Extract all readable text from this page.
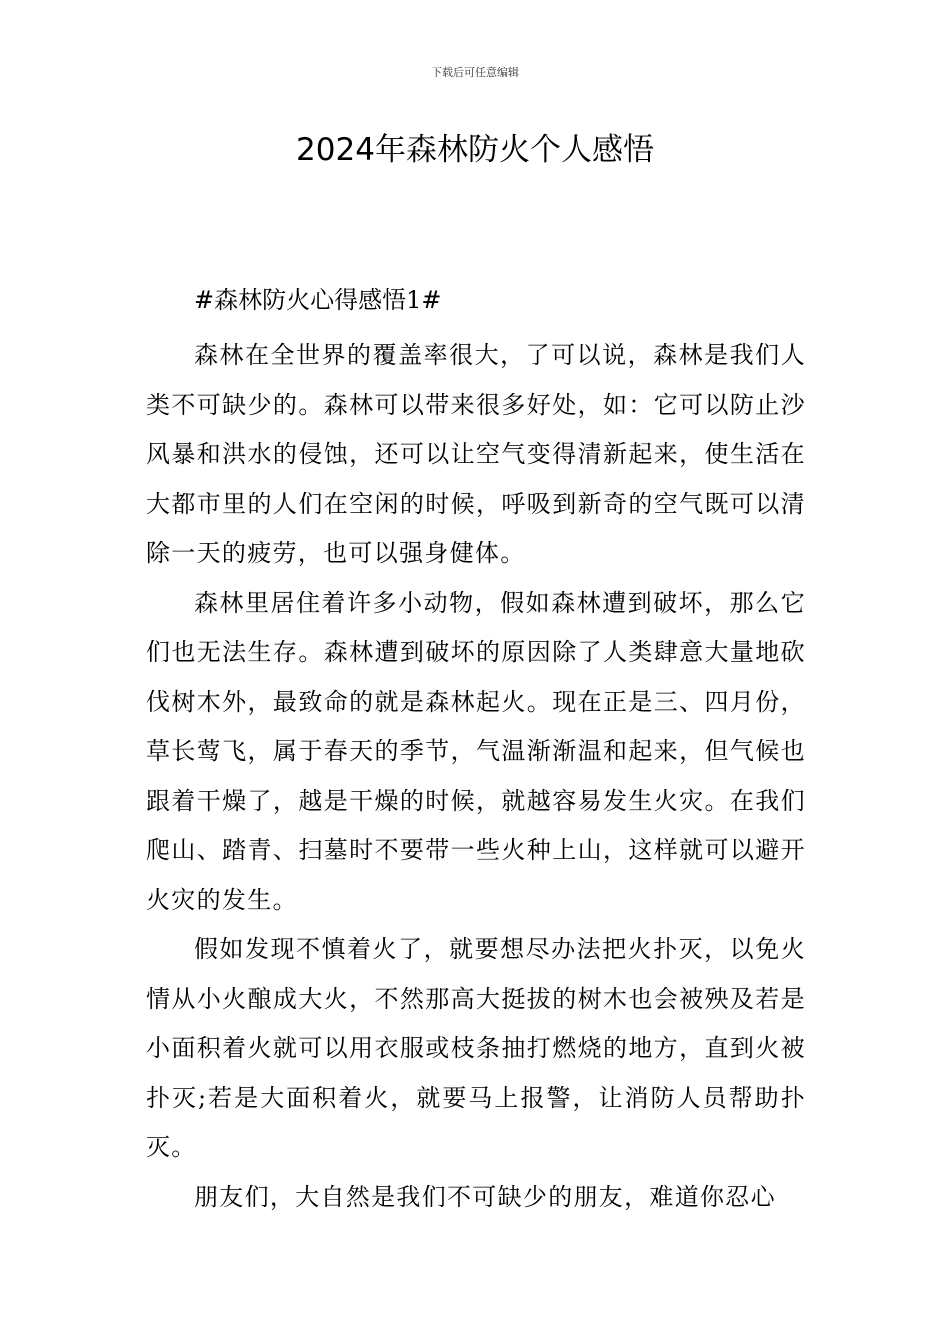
下载后可任意编辑
2024年森林防火个人感悟

#森林防火心得感悟1#

森林在全世界的覆盖率很大，了可以说，森林是我们人类不可缺少的。森林可以带来很多好处，如：它可以防止沙风暴和洪水的侵蚀，还可以让空气变得清新起来，使生活在大都市里的人们在空闲的时候，呼吸到新奇的空气既可以清除一天的疲劳，也可以强身健体。

森林里居住着许多小动物，假如森林遭到破坏，那么它们也无法生存。森林遭到破坏的原因除了人类肆意大量地砍伐树木外，最致命的就是森林起火。现在正是三、四月份，草长莺飞，属于春天的季节，气温渐渐温和起来，但气候也跟着干燥了，越是干燥的时候，就越容易发生火灾。在我们爬山、踏青、扫墓时不要带一些火种上山，这样就可以避开火灾的发生。

假如发现不慎着火了，就要想尽办法把火扑灭，以免火情从小火酿成大火，不然那高大挺拔的树木也会被殃及若是小面积着火就可以用衣服或枝条抽打燃烧的地方，直到火被扑灭;若是大面积着火，就要马上报警，让消防人员帮助扑灭。

朋友们，大自然是我们不可缺少的朋友，难道你忍心
